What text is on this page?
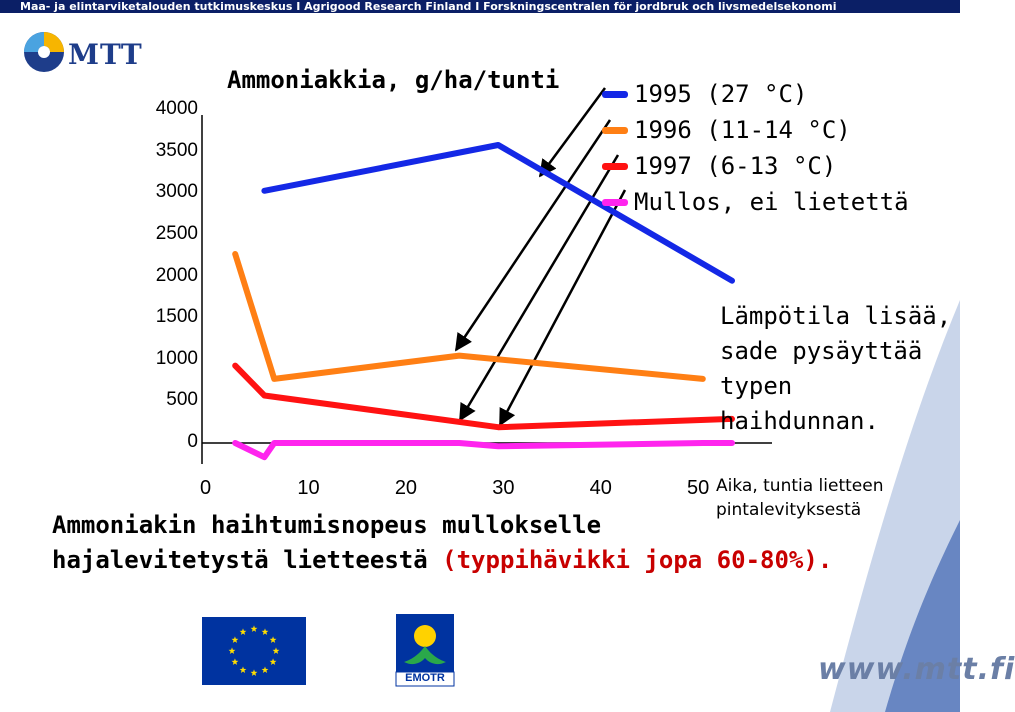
Maa- ja elintarviketalouden tutkimuskeskus I Agrigood Research Finland I Forskningscentralen för jordbruk och livsmedelsekonomi
MTT
Ammoniakkia, g/ha/tunti
4000
3500
3000
2500
2000
1500
1000
500
0
0	10	20	30	40	50
1995 (27 °C)
1996 (11-14 °C)
1997 (6-13 °C)
Mullos, ei lietettä
Lämpötila lisää,
sade pysäyttää
typen
haihdunnan.
Aika, tuntia lietteen
pintalevityksestä
Ammoniakin haihtumisnopeus mullokselle
hajalevitetystä lietteestä (typpihävikki jopa 60-80%).
EMOTR	www.mtt.fi
